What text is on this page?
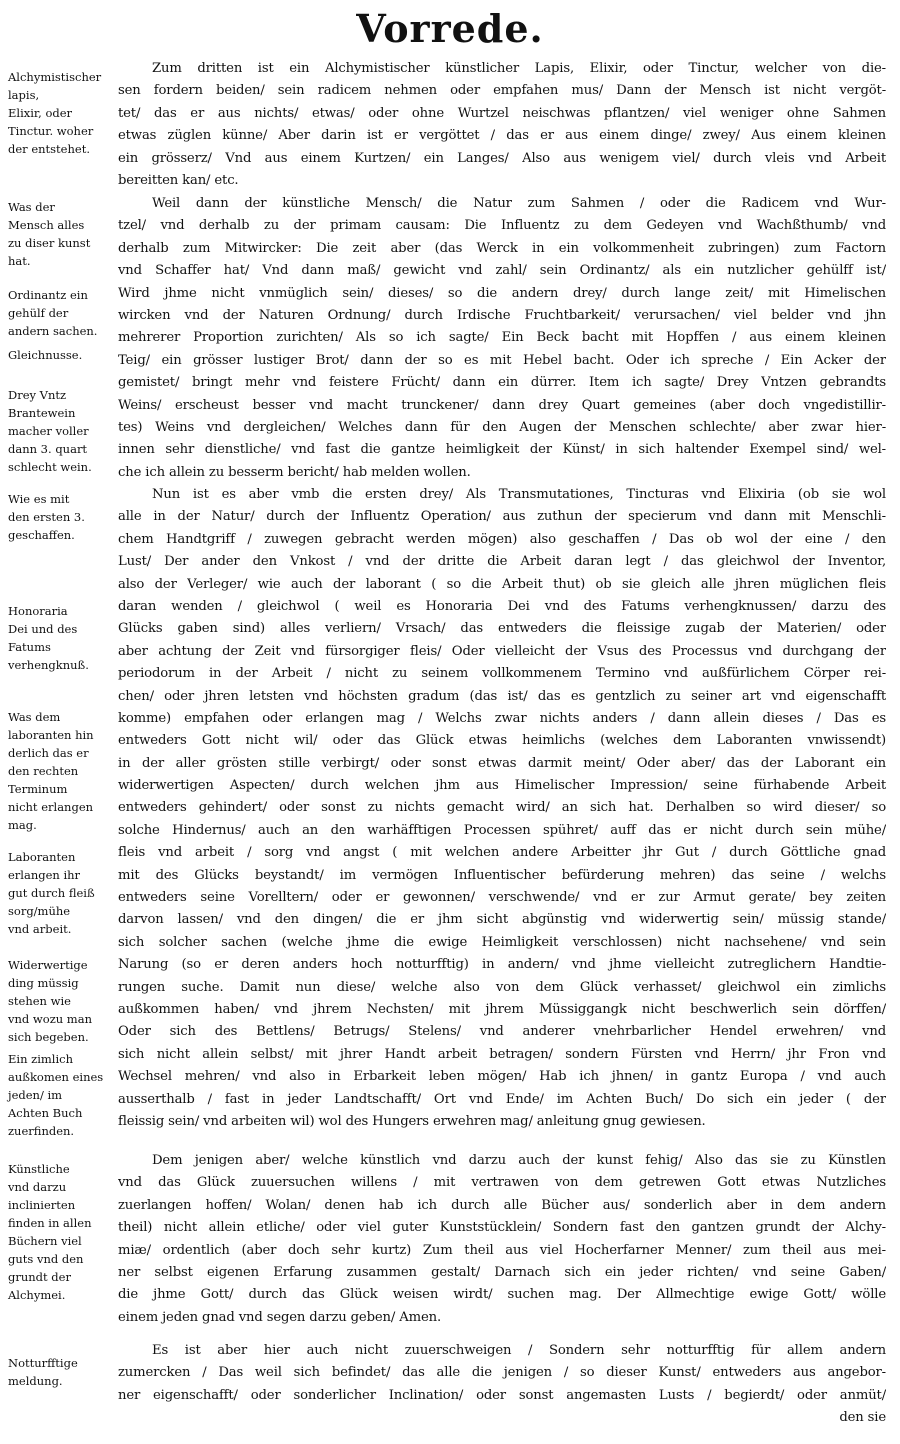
Vorrede.
Alchymistischer lapis,
Elixir, oder
Tinctur. woher der entstehet.
Was der
Mensch alles
zu diser kunst
hat.
Ordinantz ein
gehülf der andern sachen.
Gleichnusse.
Drey Vntz
Brantewein
macher voller
dann 3. quart
schlecht wein.
Wie es mit
den ersten 3.
geschaffen.
Honoraria
Dei und des
Fatums verhengknuß.
Was dem laboranten hin
derlich das er
den rechten
Terminum
nicht erlangen
mag.
Laboranten
erlangen ihr
gut durch fleiß
sorg/mühe
vnd arbeit.
Widerwertige ding müssig stehen wie
vnd wozu man
sich begeben.
Ein zimlich
außkomen eines jeden/ im
Achten Buch
zuerfinden.
Künstliche
vnd darzu inclinierten finden in allen
Büchern viel
guts vnd den
grundt der
Alchymei.
Notturfftige
meldung.
Zum dritten ist ein Alchymistischer künstlicher Lapis, Elixir, oder Tinctur, welcher von die-
sen fordern beiden/ sein radicem nehmen oder empfahen mus/ Dann der Mensch ist nicht vergöt-
tet/ das er aus nichts/ etwas/ oder ohne Wurtzel neischwas pflantzen/ viel weniger ohne Sahmen
etwas züglen künne/ Aber darin ist er vergöttet / das er aus einem dinge/ zwey/ Aus einem kleinen
ein grösserz/ Vnd aus einem Kurtzen/ ein Langes/ Also aus wenigem viel/ durch vleis vnd Arbeit
bereitten kan/ etc.
Weil dann der künstliche Mensch/ die Natur zum Sahmen / oder die Radicem vnd Wur-
tzel/ vnd derhalb zu der primam causam: Die Influentz zu dem Gedeyen vnd Wachßthumb/ vnd
derhalb zum Mitwircker: Die zeit aber (das Werck in ein volkommenheit zubringen) zum Factorn
vnd Schaffer hat/ Vnd dann maß/ gewicht vnd zahl/ sein Ordinantz/ als ein nutzlicher gehülff ist/
Wird jhme nicht vnmüglich sein/ dieses/ so die andern drey/ durch lange zeit/ mit Himelischen
wircken vnd der Naturen Ordnung/ durch Irdische Fruchtbarkeit/ verursachen/ viel belder vnd jhn
mehrerer Proportion zurichten/ Als so ich sagte/ Ein Beck bacht mit Hopffen / aus einem kleinen
Teig/ ein grösser lustiger Brot/ dann der so es mit Hebel bacht. Oder ich spreche / Ein Acker der
gemistet/ bringt mehr vnd feistere Frücht/ dann ein dürrer. Item ich sagte/ Drey Vntzen gebrandts
Weins/ erscheust besser vnd macht trunckener/ dann drey Quart gemeines (aber doch vngedistillir-
tes) Weins vnd dergleichen/ Welches dann für den Augen der Menschen schlechte/ aber zwar hier-
innen sehr dienstliche/ vnd fast die gantze heimligkeit der Künst/ in sich haltender Exempel sind/ wel-
che ich allein zu besserm bericht/ hab melden wollen.
Nun ist es aber vmb die ersten drey/ Als Transmutationes, Tincturas vnd Elixiria (ob sie wol
alle in der Natur/ durch der Influentz Operation/ aus zuthun der specierum vnd dann mit Menschli-
chem Handtgriff / zuwegen gebracht werden mögen) also geschaffen / Das ob wol der eine / den
Lust/ Der ander den Vnkost / vnd der dritte die Arbeit daran legt / das gleichwol der Inventor,
also der Verleger/ wie auch der laborant ( so die Arbeit thut) ob sie gleich alle jhren müglichen fleis
daran wenden / gleichwol ( weil es Honoraria Dei vnd des Fatums verhengknussen/ darzu des
Glücks gaben sind) alles verliern/ Vrsach/ das entweders die fleissige zugab der Materien/ oder
aber achtung der Zeit vnd fürsorgiger fleis/ Oder vielleicht der Vsus des Processus vnd durchgang der
periodorum in der Arbeit / nicht zu seinem vollkommenem Termino vnd außfürlichem Cörper rei-
chen/ oder jhren letsten vnd höchsten gradum (das ist/ das es gentzlich zu seiner art vnd eigenschafft
komme) empfahen oder erlangen mag / Welchs zwar nichts anders / dann allein dieses / Das es
entweders Gott nicht wil/ oder das Glück etwas heimlichs (welches dem Laboranten vnwissendt)
in der aller grösten stille verbirgt/ oder sonst etwas darmit meint/ Oder aber/ das der Laborant ein
widerwertigen Aspecten/ durch welchen jhm aus Himelischer Impression/ seine fürhabende Arbeit
entweders gehindert/ oder sonst zu nichts gemacht wird/ an sich hat. Derhalben so wird dieser/ so
solche Hindernus/ auch an den warhäfftigen Processen spühret/ auff das er nicht durch sein mühe/
fleis vnd arbeit / sorg vnd angst ( mit welchen andere Arbeitter jhr Gut / durch Göttliche gnad
mit des Glücks beystandt/ im vermögen Influentischer befürderung mehren) das seine / welchs
entweders seine Vorelltern/ oder er gewonnen/ verschwende/ vnd er zur Armut gerate/ bey zeiten
darvon lassen/ vnd den dingen/ die er jhm sicht abgünstig vnd widerwertig sein/ müssig stande/
sich solcher sachen (welche jhme die ewige Heimligkeit verschlossen) nicht nachsehene/ vnd sein
Narung (so er deren anders hoch notturfftig) in andern/ vnd jhme vielleicht zutreglichern Handtie-
rungen suche. Damit nun diese/ welche also von dem Glück verhasset/ gleichwol ein zimlichs
außkommen haben/ vnd jhrem Nechsten/ mit jhrem Müssiggangk nicht beschwerlich sein dörffen/
Oder sich des Bettlens/ Betrugs/ Stelens/ vnd anderer vnehrbarlicher Hendel erwehren/ vnd
sich nicht allein selbst/ mit jhrer Handt arbeit betragen/ sondern Fürsten vnd Herrn/ jhr Fron vnd
Wechsel mehren/ vnd also in Erbarkeit leben mögen/ Hab ich jhnen/ in gantz Europa / vnd auch
ausserthalb / fast in jeder Landtschafft/ Ort vnd Ende/ im Achten Buch/ Do sich ein jeder ( der
fleissig sein/ vnd arbeiten wil) wol des Hungers erwehren mag/ anleitung gnug gewiesen.
Dem jenigen aber/ welche künstlich vnd darzu auch der kunst fehig/ Also das sie zu Künstlen
vnd das Glück zuuersuchen willens / mit vertrawen von dem getrewen Gott etwas Nutzliches
zuerlangen hoffen/ Wolan/ denen hab ich durch alle Bücher aus/ sonderlich aber in dem andern
theil) nicht allein etliche/ oder viel guter Kunststücklein/ Sondern fast den gantzen grundt der Alchy-
miæ/ ordentlich (aber doch sehr kurtz) Zum theil aus viel Hocherfarner Menner/ zum theil aus mei-
ner selbst eigenen Erfarung zusammen gestalt/ Darnach sich ein jeder richten/ vnd seine Gaben/
die jhme Gott/ durch das Glück weisen wirdt/ suchen mag. Der Allmechtige ewige Gott/ wölle
einem jeden gnad vnd segen darzu geben/ Amen.
Es ist aber hier auch nicht zuuerschweigen / Sondern sehr notturfftig für allem andern
zumercken / Das weil sich befindet/ das alle die jenigen / so dieser Kunst/ entweders aus angebor-
ner eigenschafft/ oder sonderlicher Inclination/ oder sonst angemasten Lusts / begierdt/ oder anmüt/
den sie
